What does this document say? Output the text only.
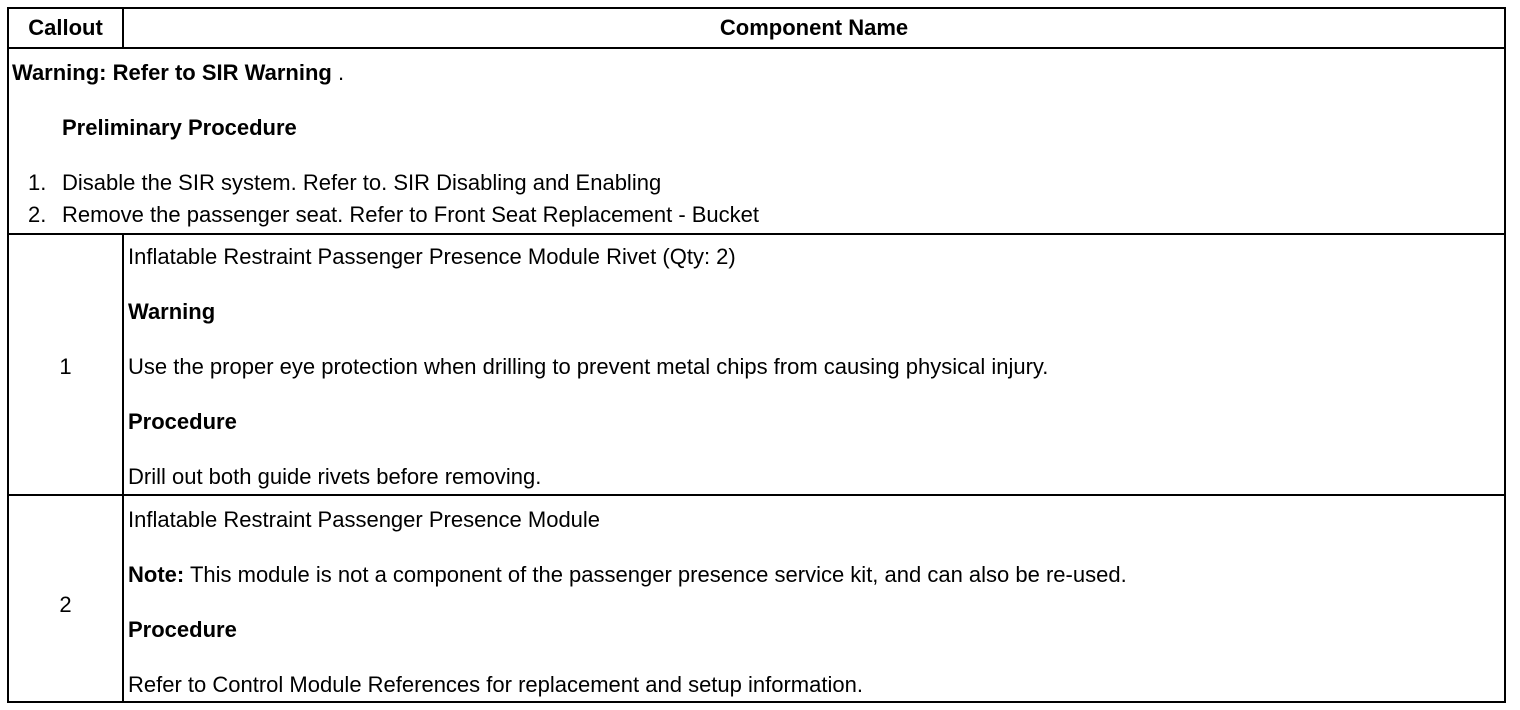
Callout	Component Name
Warning: Refer to SIR Warning .
Preliminary Procedure
1. Disable the SIR system. Refer to. SIR Disabling and Enabling
2. Remove the passenger seat. Refer to Front Seat Replacement - Bucket
1
Inflatable Restraint Passenger Presence Module Rivet (Qty: 2)
Warning
Use the proper eye protection when drilling to prevent metal chips from causing physical injury.
Procedure
Drill out both guide rivets before removing.
2
Inflatable Restraint Passenger Presence Module
Note: This module is not a component of the passenger presence service kit, and can also be re-used.
Procedure
Refer to Control Module References for replacement and setup information.
